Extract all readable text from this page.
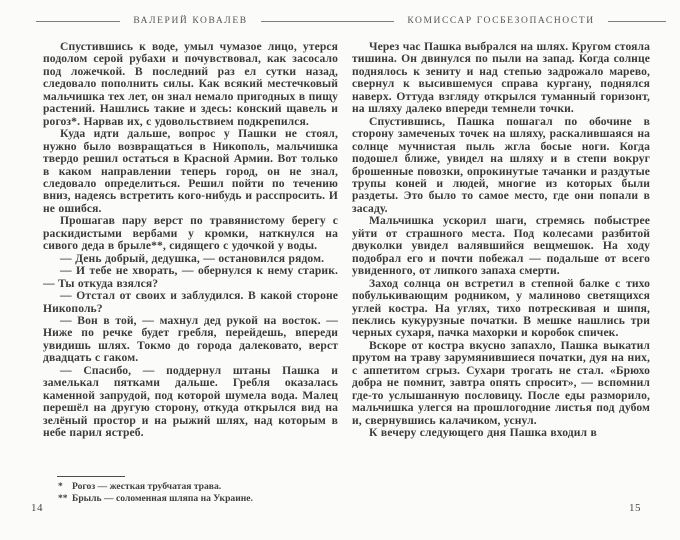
ВАЛЕРИЙ КОВАЛЕВ

Спустившись к воде, умыл чумазое лицо, утерся подолом серой рубахи и почувствовал, как засосало под ложечкой. В последний раз ел сутки назад, следовало пополнить силы. Как всякий местечковый мальчишка тех лет, он знал немало пригодных в пищу растений. Нашлись такие и здесь: конский щавель и рогоз*. Нарвав их, с удовольствием подкрепился.

Куда идти дальше, вопрос у Пашки не стоял, нужно было возвращаться в Никополь, мальчишка твердо решил остаться в Красной Армии. Вот только в каком направлении теперь город, он не знал, следовало определиться. Решил пойти по течению вниз, надеясь встретить кого-нибудь и расспросить. И не ошибся.

Прошагав пару верст по травянистому берегу с раскидистыми вербами у кромки, наткнулся на сивого деда в брыле**, сидящего с удочкой у воды.

— День добрый, дедушка, — остановился рядом.

— И тебе не хворать, — обернулся к нему старик. — Ты откуда взялся?

— Отстал от своих и заблудился. В какой стороне Никополь?

— Вон в той, — махнул дед рукой на восток. — Ниже по речке будет гребля, перейдешь, впереди увидишь шлях. Токмо до города далековато, верст двадцать с гаком.

— Спасибо, — поддернул штаны Пашка и замелькал пятками дальше. Гребля оказалась каменной запрудой, под которой шумела вода. Малец перешёл на другую сторону, откуда открылся вид на зелёный простор и на рыжий шлях, над которым в небе парил ястреб.

* Рогоз — жесткая трубчатая трава.
** Брыль — соломенная шляпа на Украине.
14
КОМИССАР ГОСБЕЗОПАСНОСТИ

Через час Пашка выбрался на шлях. Кругом стояла тишина. Он двинулся по пыли на запад. Когда солнце поднялось к зениту и над степью задрожало марево, свернул к высившемуся справа кургану, поднялся наверх. Оттуда взгляду открылся туманный горизонт, на шляху далеко впереди темнели точки.

Спустившись, Пашка пошагал по обочине в сторону замеченых точек на шляху, раскалившаяся на солнце мучнистая пыль жгла босые ноги. Когда подошел ближе, увидел на шляху и в степи вокруг брошенные повозки, опрокинутые тачанки и раздутые трупы коней и людей, многие из которых были раздеты. Это было то самое место, где они попали в засаду.

Мальчишка ускорил шаги, стремясь побыстрее уйти от страшного места. Под колесами разбитой двуколки увидел валявшийся вещмешок. На ходу подобрал его и почти побежал — подальше от всего увиденного, от липкого запаха смерти.

Заход солнца он встретил в степной балке с тихо побулькивающим родником, у малиново светящихся углей костра. На углях, тихо потрескивая и шипя, пеклись кукурузные початки. В мешке нашлись три черных сухаря, пачка махорки и коробок спичек.

Вскоре от костра вкусно запахло, Пашка выкатил прутом на траву зарумянившиеся початки, дуя на них, с аппетитом сгрыз. Сухари трогать не стал. «Брюхо добра не помнит, завтра опять спросит», — вспомнил где-то услышанную пословицу. После еды разморило, мальчишка улегся на прошлогодние листья под дубом и, свернувшись калачиком, уснул.

К вечеру следующего дня Пашка входил в

15
